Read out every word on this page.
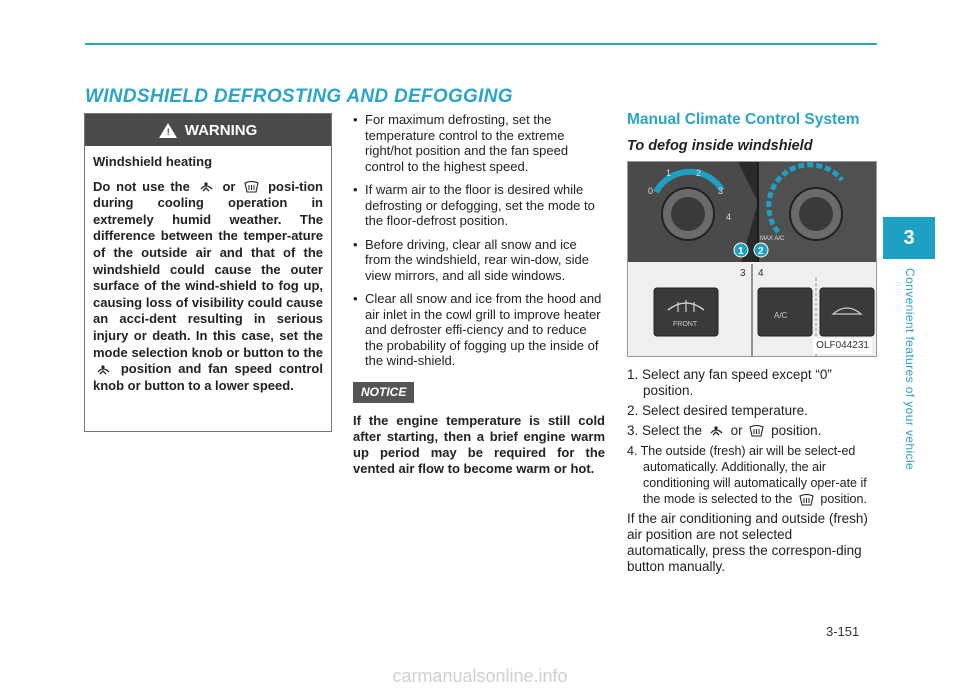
WINDSHIELD DEFROSTING AND DEFOGGING
3
Convenient features of your vehicle
! WARNING
Windshield heating
Do not use the	or	posi-tion during cooling operation in extremely humid weather. The difference between the temper-ature of the outside air and that of the windshield could cause the outer surface of the wind-shield to fog up, causing loss of visibility could cause an acci-dent resulting in serious injury or death. In this case, set the mode selection knob or button to the  position and fan speed control knob or button to a lower speed.
• For maximum defrosting, set the temperature control to the extreme right/hot position and the fan speed control to the highest speed.
• If warm air to the floor is desired while defrosting or defogging, set the mode to the floor-defrost position.
• Before driving, clear all snow and ice from the windshield, rear win-dow, side view mirrors, and all side windows.
• Clear all snow and ice from the hood and air inlet in the cowl grill to improve heater and defroster effi-ciency and to reduce the probability of fogging up the inside of the wind-shield.
NOTICE
If the engine temperature is still cold after starting, then a brief engine warm up period may be required for the vented air flow to become warm or hot.
Manual Climate Control System
To defog inside windshield
0
1	2
3
4
MAX A/C
1 2
3 4
FRONT
A/C
OLF044231
1. Select any fan speed except “0” position.
2. Select desired temperature.
3. Select the or position.
4. The outside (fresh) air will be select-ed automatically. Additionally, the air conditioning will automatically oper-ate if the mode is selected to the position.
If the air conditioning and outside (fresh) air position are not selected automatically, press the correspon-ding button manually.
3-151
carmanualsonline.info
